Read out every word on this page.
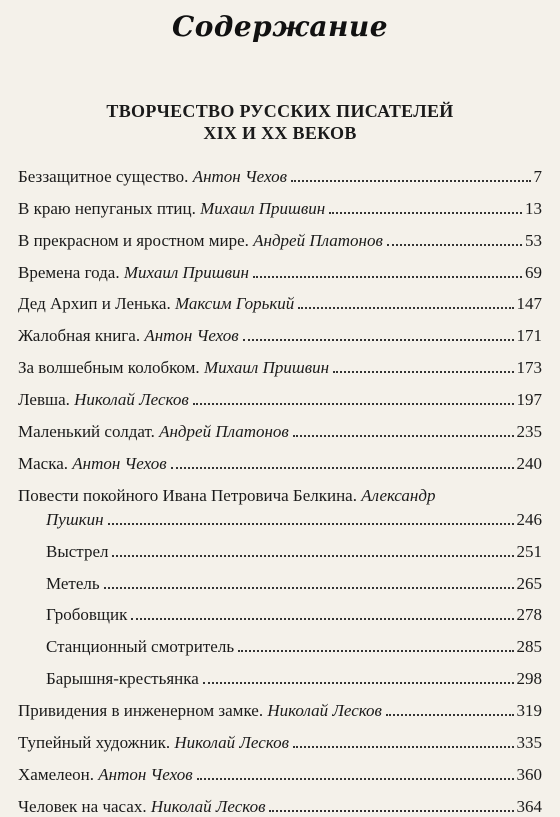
Содержание
ТВОРЧЕСТВО РУССКИХ ПИСАТЕЛЕЙ
XIX И XX ВЕКОВ
Беззащитное существо. Антон Чехов	7
В краю непуганых птиц. Михаил Пришвин	13
В прекрасном и яростном мире. Андрей Платонов	53
Времена года. Михаил Пришвин	69
Дед Архип и Ленька. Максим Горький	147
Жалобная книга. Антон Чехов	171
За волшебным колобком. Михаил Пришвин	173
Левша. Николай Лесков	197
Маленький солдат. Андрей Платонов	235
Маска. Антон Чехов	240
Повести покойного Ивана Петровича Белкина. Александр
Пушкин	246
Выстрел	251
Метель	265
Гробовщик	278
Станционный смотритель	285
Барышня-крестьянка	298
Привидения в инженерном замке. Николай Лесков	319
Тупейный художник. Николай Лесков	335
Хамелеон. Антон Чехов	360
Человек на часах. Николай Лесков	364
